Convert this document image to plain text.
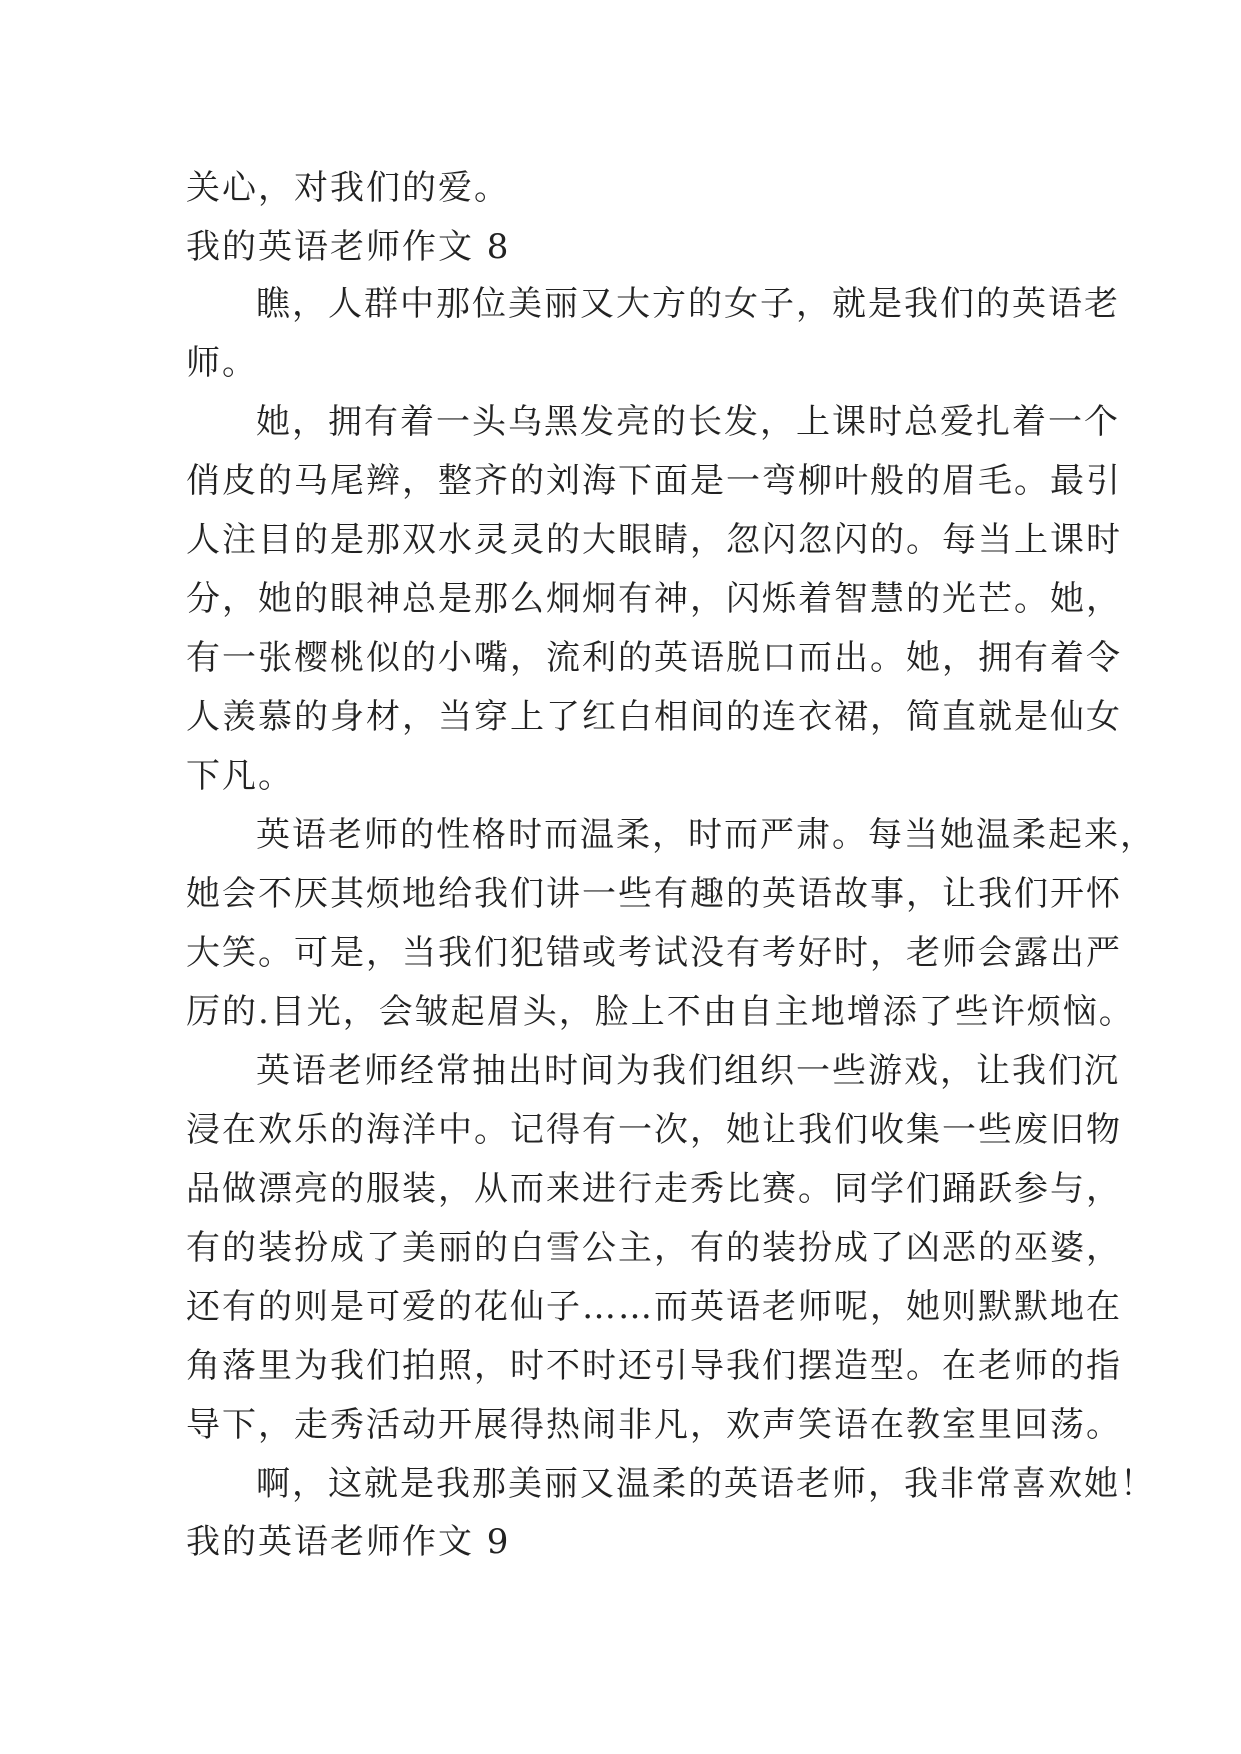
关心，对我们的爱。
我的英语老师作文 8
瞧，人群中那位美丽又大方的女子，就是我们的英语老
师。
她，拥有着一头乌黑发亮的长发，上课时总爱扎着一个
俏皮的马尾辫，整齐的刘海下面是一弯柳叶般的眉毛。最引
人注目的是那双水灵灵的大眼睛，忽闪忽闪的。每当上课时
分，她的眼神总是那么炯炯有神，闪烁着智慧的光芒。她，
有一张樱桃似的小嘴，流利的英语脱口而出。她，拥有着令
人羡慕的身材，当穿上了红白相间的连衣裙，简直就是仙女
下凡。
英语老师的性格时而温柔，时而严肃。每当她温柔起来，
她会不厌其烦地给我们讲一些有趣的英语故事，让我们开怀
大笑。可是，当我们犯错或考试没有考好时，老师会露出严
厉的.目光，会皱起眉头，脸上不由自主地增添了些许烦恼。
英语老师经常抽出时间为我们组织一些游戏，让我们沉
浸在欢乐的海洋中。记得有一次，她让我们收集一些废旧物
品做漂亮的服装，从而来进行走秀比赛。同学们踊跃参与，
有的装扮成了美丽的白雪公主，有的装扮成了凶恶的巫婆，
还有的则是可爱的花仙子……而英语老师呢，她则默默地在
角落里为我们拍照，时不时还引导我们摆造型。在老师的指
导下，走秀活动开展得热闹非凡，欢声笑语在教室里回荡。
啊，这就是我那美丽又温柔的英语老师，我非常喜欢她！
我的英语老师作文 9
